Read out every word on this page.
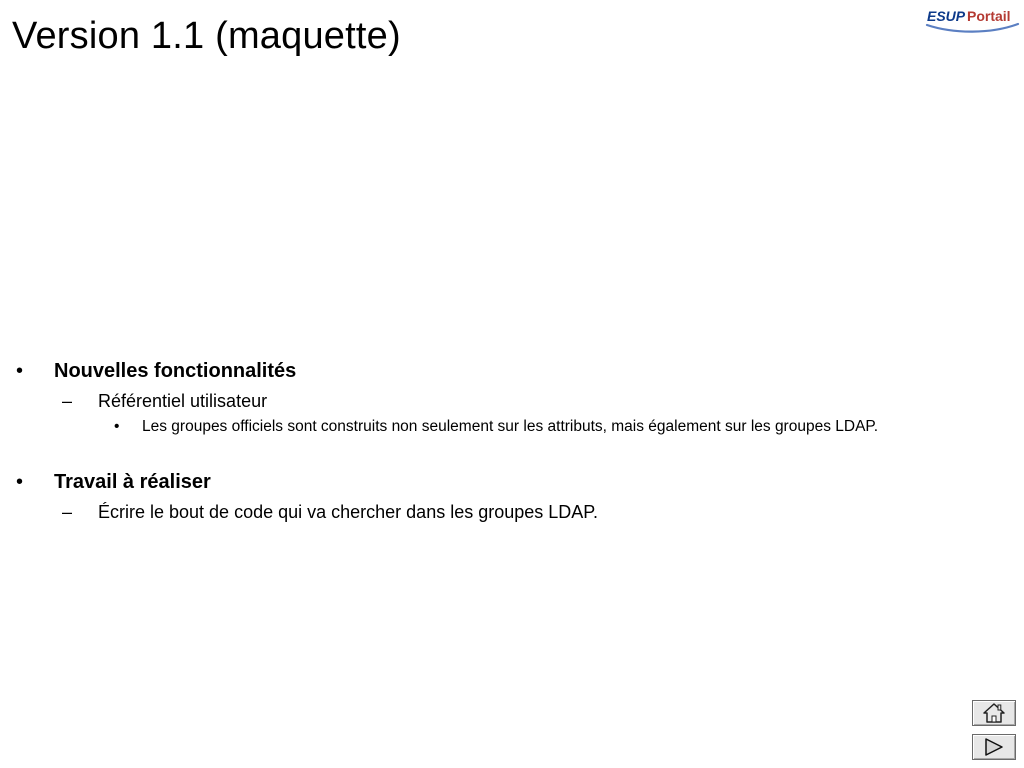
Version 1.1 (maquette)	ESUP Portail
•	Nouvelles fonctionnalités
–	Référentiel utilisateur
•	Les groupes officiels sont construits non seulement sur les attributs, mais également sur les groupes LDAP.
•	Travail à réaliser
–	Écrire le bout de code qui va chercher dans les groupes LDAP.
